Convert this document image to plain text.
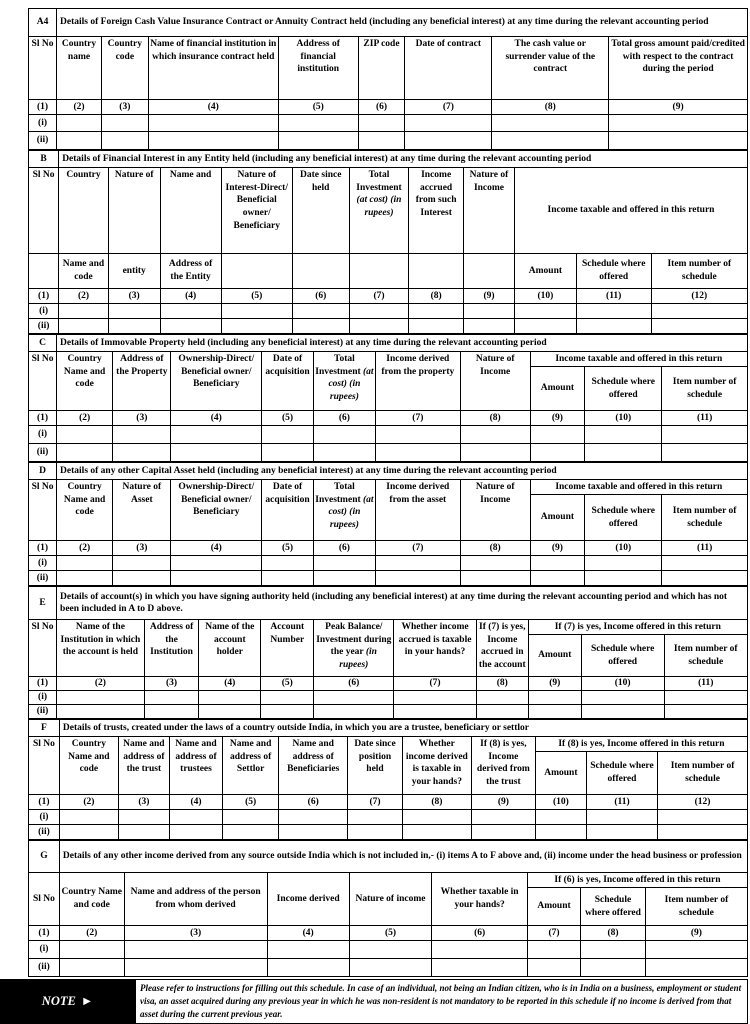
A4	Details of Foreign Cash Value Insurance Contract or Annuity Contract held (including any beneficial interest) at any time during the relevant accounting period							
Sl No	Country name	Country code	Name of financial institution in which insurance contract held	Address of financial institution	ZIP code	Date of contract	The cash value or surrender value of the contract	Total gross amount paid/credited with respect to the contract during the period
(1)	(2)	(3)	(4)	(5)	(6)	(7)	(8)	(9)
(i)								
(ii)								
B	Details of Financial Interest in any Entity held (including any beneficial interest) at any time during the relevant accounting period										
Sl No	Country	Nature of	Name and	Nature of Interest-Direct/ Beneficial owner/ Beneficiary	Date since held	Total Investment (at cost) (in rupees)	Income accrued from such Interest	Nature of Income	Income taxable and offered in this return		
	Name and code	entity	Address of the Entity						Amount	Schedule where offered	Item number of schedule
(1)	(2)	(3)	(4)	(5)	(6)	(7)	(8)	(9)	(10)	(11)	(12)
(i)											
(ii)											
C	Details of Immovable Property held (including any beneficial interest) at any time during the relevant accounting period									
Sl No	Country Name and code	Address of the Property	Ownership-Direct/ Beneficial owner/ Beneficiary	Date of acquisition	Total Investment (at cost) (in rupees)	Income derived from the property	Nature of Income	Income taxable and offered in this return		
								Amount	Schedule where offered	Item number of schedule
(1)	(2)	(3)	(4)	(5)	(6)	(7)	(8)	(9)	(10)	(11)
(i)										
(ii)										
D	Details of any other Capital Asset held (including any beneficial interest) at any time during the relevant accounting period									
Sl No	Country Name and code	Nature of Asset	Ownership-Direct/ Beneficial owner/ Beneficiary	Date of acquisition	Total Investment (at cost) (in rupees)	Income derived from the asset	Nature of Income	Income taxable and offered in this return		
								Amount	Schedule where offered	Item number of schedule
(1)	(2)	(3)	(4)	(5)	(6)	(7)	(8)	(9)	(10)	(11)
(i)										
(ii)										
E	Details of account(s) in which you have signing authority held (including any beneficial interest) at any time during the relevant accounting period and which has not been included in A to D above.									
Sl No	Name of the Institution in which the account is held	Address of the Institution	Name of the account holder	Account Number	Peak Balance/ Investment during the year (in rupees)	Whether income accrued is taxable in your hands?	If (7) is yes, Income accrued in the account	If (7) is yes, Income offered in this return		
								Amount	Schedule where offered	Item number of schedule
(1)	(2)	(3)	(4)	(5)	(6)	(7)	(8)	(9)	(10)	(11)
(i)										
(ii)										
F	Details of trusts, created under the laws of a country outside India, in which you are a trustee, beneficiary or settlor										
Sl No	Country Name and code	Name and address of the trust	Name and address of trustees	Name and address of Settlor	Name and address of Beneficiaries	Date since position held	Whether income derived is taxable in your hands?	If (8) is yes, Income derived from the trust	If (8) is yes, Income offered in this return		
									Amount	Schedule where offered	Item number of schedule
(1)	(2)	(3)	(4)	(5)	(6)	(7)	(8)	(9)	(10)	(11)	(12)
(i)											
(ii)											
G	Details of any other income derived from any source outside India which is not included in,- (i) items A to F above and, (ii) income under the head business or profession							
Sl No	Country Name and code	Name and address of the person from whom derived	Income derived	Nature of income	Whether taxable in your hands?	If (6) is yes, Income offered in this return		
						Amount	Schedule where offered	Item number of schedule
(1)	(2)	(3)	(4)	(5)	(6)	(7)	(8)	(9)
(i)								
(ii)								
NOTE ►
Please refer to instructions for filling out this schedule. In case of an individual, not being an Indian citizen, who is in India on a business, employment or student visa, an asset acquired during any previous year in which he was non-resident is not mandatory to be reported in this schedule if no income is derived from that asset during the current previous year.
